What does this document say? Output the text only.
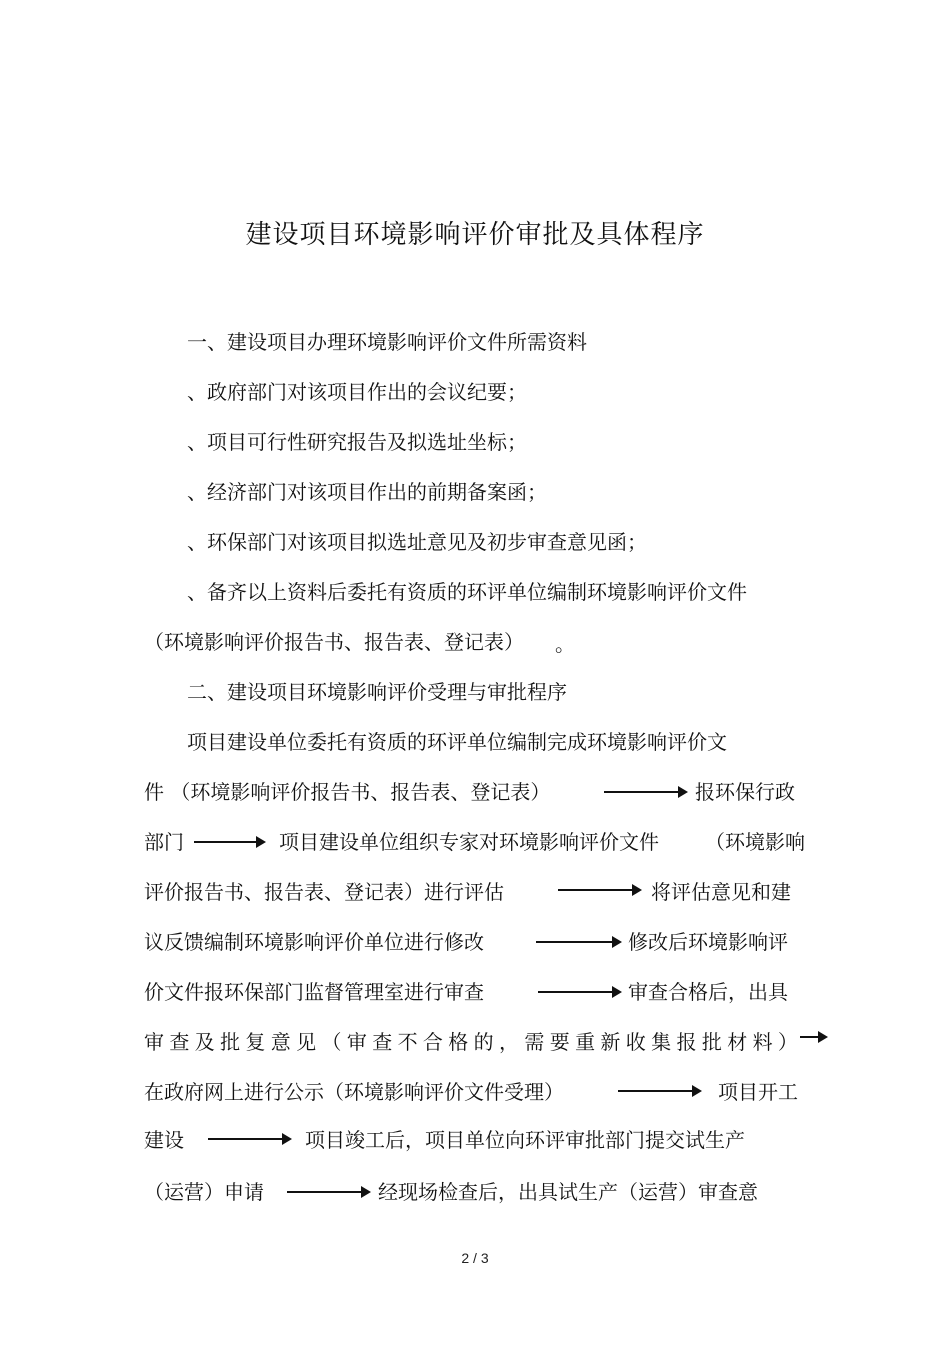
建设项目环境影响评价审批及具体程序
一、建设项目办理环境影响评价文件所需资料
、政府部门对该项目作出的会议纪要；
、项目可行性研究报告及拟选址坐标；
、经济部门对该项目作出的前期备案函；
、环保部门对该项目拟选址意见及初步审查意见函；
、备齐以上资料后委托有资质的环评单位编制环境影响评价文件
（环境影响评价报告书、报告表、登记表） 。
二、建设项目环境影响评价受理与审批程序
项目建设单位委托有资质的环评单位编制完成环境影响评价文
件 （环境影响评价报告书、报告表、登记表）	报环保行政
部门	项目建设单位组织专家对环境影响评价文件 （环境影响
评价报告书、报告表、登记表）进行评估	将评估意见和建
议反馈编制环境影响评价单位进行修改	修改后环境影响评
价文件报环保部门监督管理室进行审查	审查合格后，出具
审 查 及 批 复 意 见 （ 审 查 不 合 格 的 ， 需 要 重 新 收 集 报 批 材 料 ）
在政府网上进行公示（环境影响评价文件受理）	项目开工
建设	项目竣工后，项目单位向环评审批部门提交试生产
（运营）申请	经现场检查后，出具试生产（运营）审查意
2 / 3
